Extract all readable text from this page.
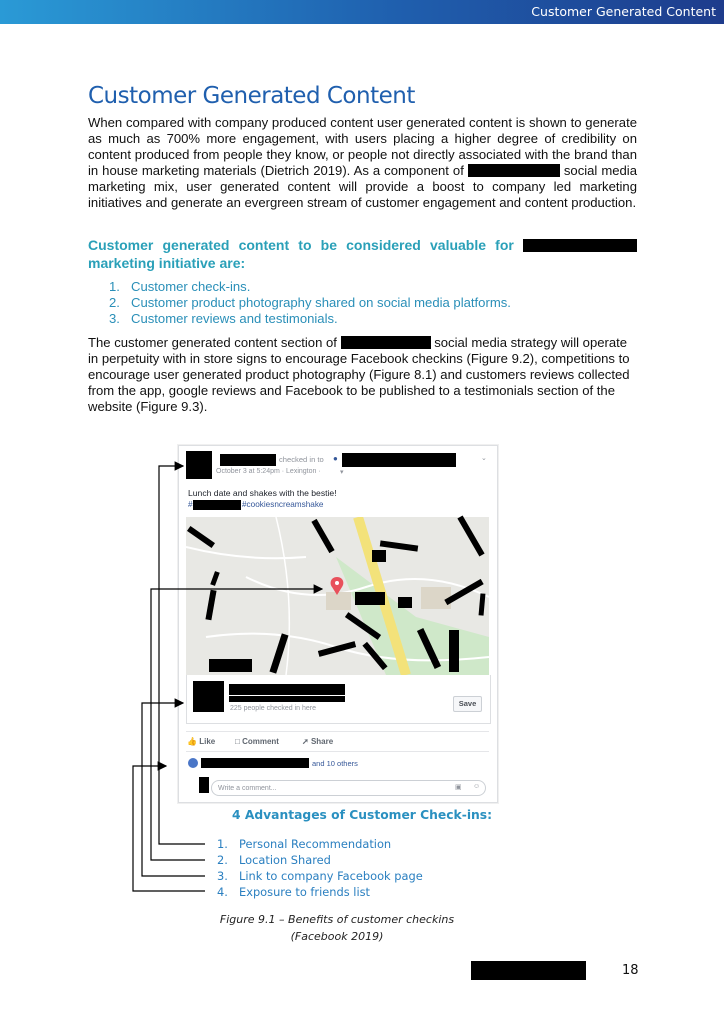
Customer Generated Content
Customer Generated Content

When compared with company produced content user generated content is shown to generate as much as 700% more engagement, with users placing a higher degree of credibility on content produced from people they know, or people not directly associated with the brand than in house marketing materials (Dietrich 2019). As a component of	social media marketing mix, user generated content will provide a boost to company led marketing initiatives and generate an evergreen stream of customer engagement and content production.

Customer generated content to be considered valuable for  marketing initiative are:

1. Customer check-ins.
2. Customer product photography shared on social media platforms.
3. Customer reviews and testimonials.

The customer generated content section of	social media strategy will operate in perpetuity with in store signs to encourage Facebook checkins (Figure 9.2), competitions to encourage user generated product photography (Figure 8.1) and customers reviews collected from the app, google reviews and Facebook to be published to a testimonials section of the website (Figure 9.3).

checked in to ●	⌄
October 3 at 5:24pm · Lexington ·	▾
Lunch date and shakes with the bestie!
#	#cookiesncreamshake
225 people checked in here
Save
👍 Like □ Comment	➚ Share
and 10 others
Write a comment...	▣ ☺
4 Advantages of Customer Check-ins:
1. Personal Recommendation
2. Location Shared
3. Link to company Facebook page
4. Exposure to friends list
Figure 9.1 – Benefits of customer checkins
(Facebook 2019)
18
